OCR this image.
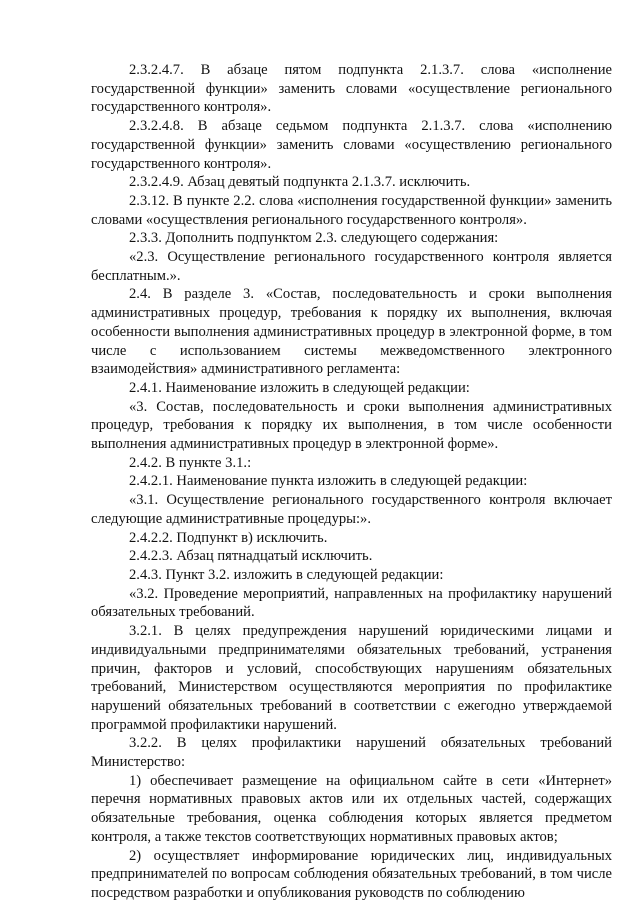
2.3.2.4.7. В абзаце пятом подпункта 2.1.3.7. слова «исполнение государственной функции» заменить словами «осуществление регионального государственного контроля».

2.3.2.4.8. В абзаце седьмом подпункта 2.1.3.7. слова «исполнению государственной функции» заменить словами «осуществлению регионального государственного контроля».

2.3.2.4.9. Абзац девятый подпункта 2.1.3.7. исключить.

2.3.12. В пункте 2.2. слова «исполнения государственной функции» заменить словами «осуществления регионального государственного контроля».

2.3.3. Дополнить подпунктом 2.3. следующего содержания:

«2.3. Осуществление регионального государственного контроля является бесплатным.».

2.4. В разделе 3. «Состав, последовательность и сроки выполнения административных процедур, требования к порядку их выполнения, включая особенности выполнения административных процедур в электронной форме, в том числе с использованием системы межведомственного электронного взаимодействия» административного регламента:

2.4.1. Наименование изложить в следующей редакции:

«3. Состав, последовательность и сроки выполнения административных процедур, требования к порядку их выполнения, в том числе особенности выполнения административных процедур в электронной форме».

2.4.2. В пункте 3.1.:

2.4.2.1. Наименование пункта изложить в следующей редакции:

«3.1. Осуществление регионального государственного контроля включает следующие административные процедуры:».

2.4.2.2. Подпункт в) исключить.

2.4.2.3. Абзац пятнадцатый исключить.

2.4.3. Пункт 3.2. изложить в следующей редакции:

«3.2. Проведение мероприятий, направленных на профилактику нарушений обязательных требований.

3.2.1. В целях предупреждения нарушений юридическими лицами и индивидуальными предпринимателями обязательных требований, устранения причин, факторов и условий, способствующих нарушениям обязательных требований, Министерством осуществляются мероприятия по профилактике нарушений обязательных требований в соответствии с ежегодно утверждаемой программой профилактики нарушений.

3.2.2. В целях профилактики нарушений обязательных требований Министерство:

1) обеспечивает размещение на официальном сайте в сети «Интернет» перечня нормативных правовых актов или их отдельных частей, содержащих обязательные требования, оценка соблюдения которых является предметом контроля, а также текстов соответствующих нормативных правовых актов;

2) осуществляет информирование юридических лиц, индивидуальных предпринимателей по вопросам соблюдения обязательных требований, в том числе посредством разработки и опубликования руководств по соблюдению
